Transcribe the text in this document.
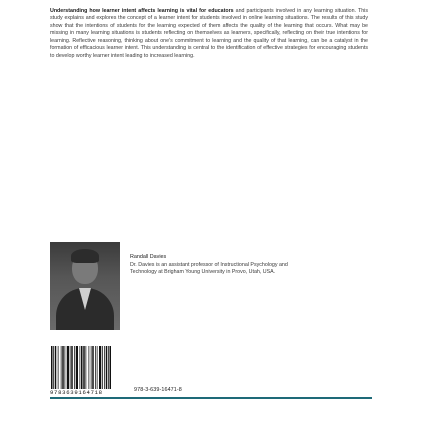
Understanding how learner intent affects learning is vital for educators and participants involved in any learning situation. This study explains and explores the concept of a learner intent for students involved in online learning situations. The results of this study show that the intentions of students for the learning expected of them affects the quality of the learning that occurs. What may be missing in many learning situations is students reflecting on themselves as learners, specifically, reflecting on their true intentions for learning. Reflective reasoning, thinking about one's commitment to learning and the quality of that learning, can be a catalyst in the formation of efficacious learner intent. This understanding is central to the identification of effective strategies for encouraging students to develop worthy learner intent leading to increased learning.
Randall Davies
Dr. Davies is an assistant professor of Instructional Psychology and Technology at Brigham Young University in Provo, Utah, USA.
9783639164718	978-3-639-16471-8
